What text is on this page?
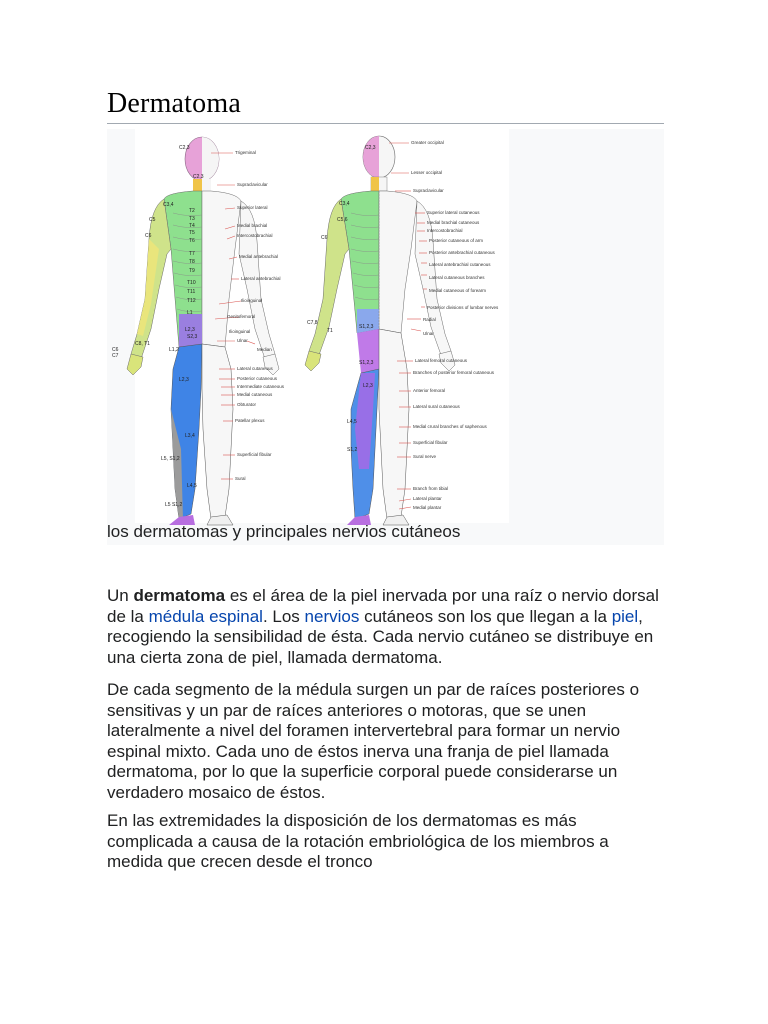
Dermatoma
Trigeminal
Supraclavicular
Superior lateral
Medial brachial
Intercostobrachial
Medial antebrachial
Lateral antebrachial
Ilioinguinal
Genitofemoral
Ilioinguinal
Ulnar
Median
Lateral cutaneous
Posterior cutaneous
Intermediate cutaneous
Medial cutaneous
Obturator
Patellar plexus
Superficial fibular
Sural
C2,3
C2,3
C3,4
T2
T3
T4
T5
T6
T7
T8
T9
T10
T11
T12
L1
C5
C6
C8, T1
C6
C7
L2,3
S2,3
L1,2
L2,3
L3,4
L5, S1,2
L4,5
L5 S1,2
Greater occipital
Lesser occipital
Supraclavicular
Superior lateral cutaneous
Medial brachial cutaneous
Intercostobrachial
Posterior cutaneous of arm
Posterior antebrachial cutaneous
Lateral antebrachial cutaneous
Lateral cutaneous branches
Medial cutaneous of forearm
Posterior divisions of lumbar nerves
Radial
Ulnar
Lateral femoral cutaneous
Branches of posterior femoral cutaneous
Anterior femoral
Lateral sural cutaneous
Medial crural branches of saphenous
Superficial fibular
Sural nerve
Branch from tibial
Lateral plantar
Medial plantar
C2,3
C3,4
C5,6
C6
C7,8
T1
S1,2,3
S1,2,3
L2,3
L4,5
S1,2
los dermatomas y principales nervios cutáneos

Un dermatoma es el área de la piel inervada por una raíz o nervio dorsal de la médula espinal. Los nervios cutáneos son los que llegan a la piel, recogiendo la sensibilidad de ésta. Cada nervio cutáneo se distribuye en una cierta zona de piel, llamada dermatoma.

De cada segmento de la médula surgen un par de raíces posteriores o sensitivas y un par de raíces anteriores o motoras, que se unen lateralmente a nivel del foramen intervertebral para formar un nervio espinal mixto. Cada uno de éstos inerva una franja de piel llamada dermatoma, por lo que la superficie corporal puede considerarse un verdadero mosaico de éstos.

En las extremidades la disposición de los dermatomas es más complicada a causa de la rotación embriológica de los miembros a medida que crecen desde el tronco
